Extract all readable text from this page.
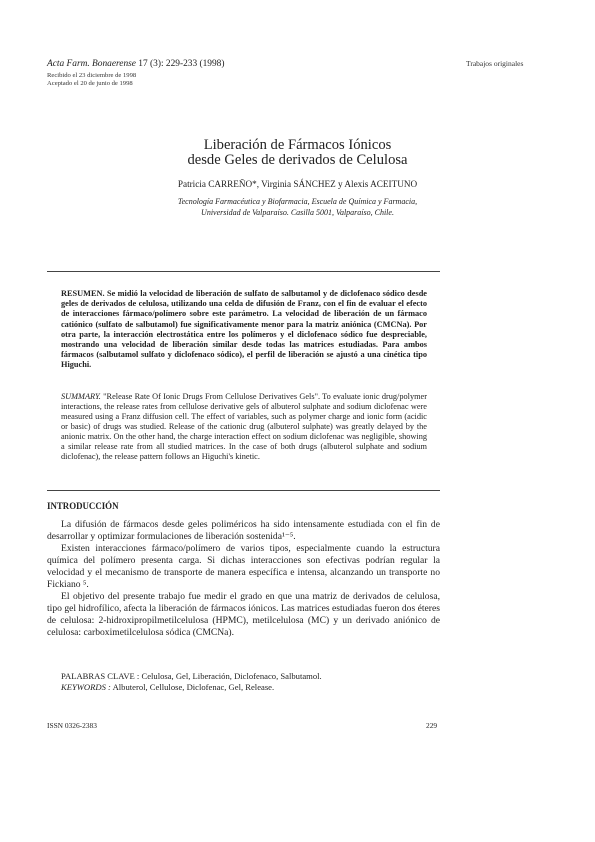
Acta Farm. Bonaerense 17 (3): 229-233 (1998)
Recibido el 23 diciembre de 1998
Aceptado el 20 de junio de 1998
Trabajos originales
Liberación de Fármacos Iónicos
desde Geles de derivados de Celulosa
Patricia CARREÑO*, Virginia SÁNCHEZ y Alexis ACEITUNO
Tecnología Farmacéutica y Biofarmacia, Escuela de Química y Farmacia,
Universidad de Valparaíso. Casilla 5001, Valparaíso, Chile.
RESUMEN. Se midió la velocidad de liberación de sulfato de salbutamol y de diclofenaco sódico desde geles de derivados de celulosa, utilizando una celda de difusión de Franz, con el fin de evaluar el efecto de interacciones fármaco/polímero sobre este parámetro. La velocidad de liberación de un fármaco catiónico (sulfato de salbutamol) fue significativamente menor para la matriz aniónica (CMCNa). Por otra parte, la interacción electrostática entre los polímeros y el diclofenaco sódico fue despreciable, mostrando una velocidad de liberación similar desde todas las matrices estudiadas. Para ambos fármacos (salbutamol sulfato y diclofenaco sódico), el perfil de liberación se ajustó a una cinética tipo Higuchi.
SUMMARY. "Release Rate Of Ionic Drugs From Cellulose Derivatives Gels". To evaluate ionic drug/polymer interactions, the release rates from cellulose derivative gels of albuterol sulphate and sodium diclofenac were measured using a Franz diffusion cell. The effect of variables, such as polymer charge and ionic form (acidic or basic) of drugs was studied. Release of the cationic drug (albuterol sulphate) was greatly delayed by the anionic matrix. On the other hand, the charge interaction effect on sodium diclofenac was negligible, showing a similar release rate from all studied matrices. In the case of both drugs (albuterol sulphate and sodium diclofenac), the release pattern follows an Higuchi's kinetic.
INTRODUCCIÓN

La difusión de fármacos desde geles poliméricos ha sido intensamente estudiada con el fin de desarrollar y optimizar formulaciones de liberación sostenida¹⁻⁵.

Existen interacciones fármaco/polímero de varios tipos, especialmente cuando la estructura química del polímero presenta carga. Si dichas interacciones son efectivas podrían regular la velocidad y el mecanismo de transporte de manera específica e intensa, alcanzando un transporte no Fickiano ⁵.

El objetivo del presente trabajo fue medir el grado en que una matriz de derivados de celulosa, tipo gel hidrofílico, afecta la liberación de fármacos iónicos. Las matrices estudiadas fueron dos éteres de celulosa: 2-hidroxipropilmetilcelulosa (HPMC), metilcelulosa (MC) y un derivado aniónico de celulosa: carboximetilcelulosa sódica (CMCNa).

PALABRAS CLAVE : Celulosa, Gel, Liberación, Diclofenaco, Salbutamol.
KEYWORDS : Albuterol, Cellulose, Diclofenac, Gel, Release.
ISSN 0326-2383	229
